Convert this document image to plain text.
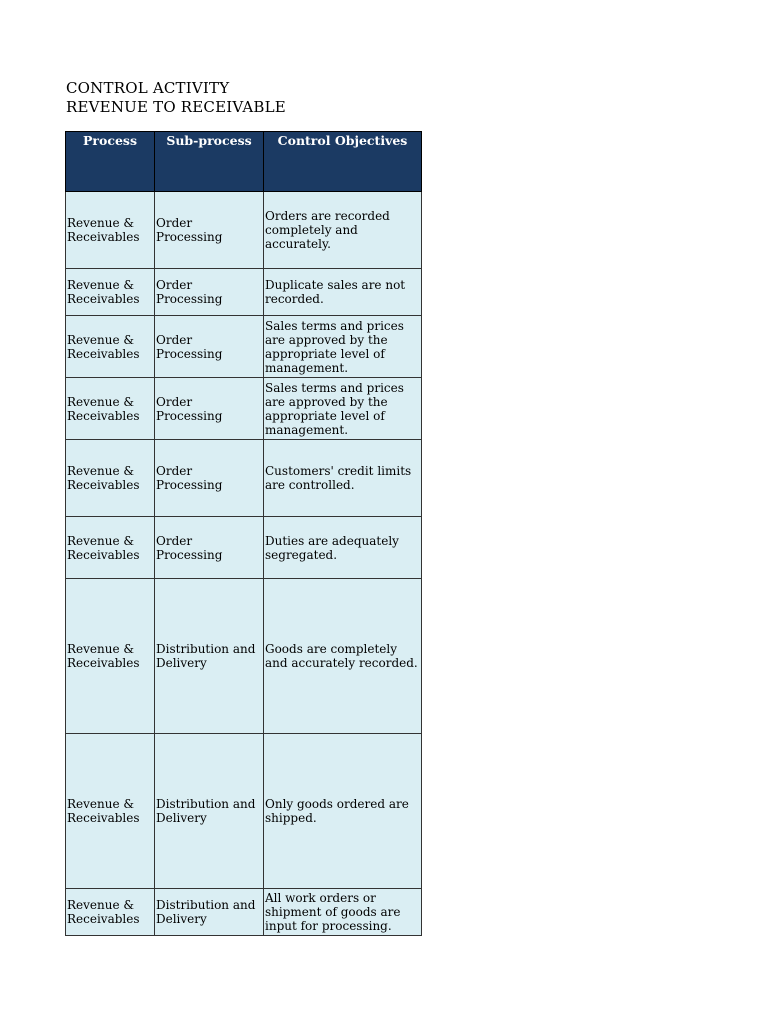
CONTROL ACTIVITY
REVENUE TO RECEIVABLE
Process	Sub-process	Control Objectives
Revenue & Receivables	Order Processing	Orders are recorded completely and accurately.
Revenue & Receivables	Order Processing	Duplicate sales are not recorded.
Revenue & Receivables	Order Processing	Sales terms and prices are approved by the appropriate level of management.
Revenue & Receivables	Order Processing	Sales terms and prices are approved by the appropriate level of management.
Revenue & Receivables	Order Processing	Customers' credit limits are controlled.
Revenue & Receivables	Order Processing	Duties are adequately segregated.
Revenue & Receivables	Distribution and Delivery	Goods are completely and accurately recorded.
Revenue & Receivables	Distribution and Delivery	Only goods ordered are shipped.
Revenue & Receivables	Distribution and Delivery	All work orders or shipment of goods are input for processing.
